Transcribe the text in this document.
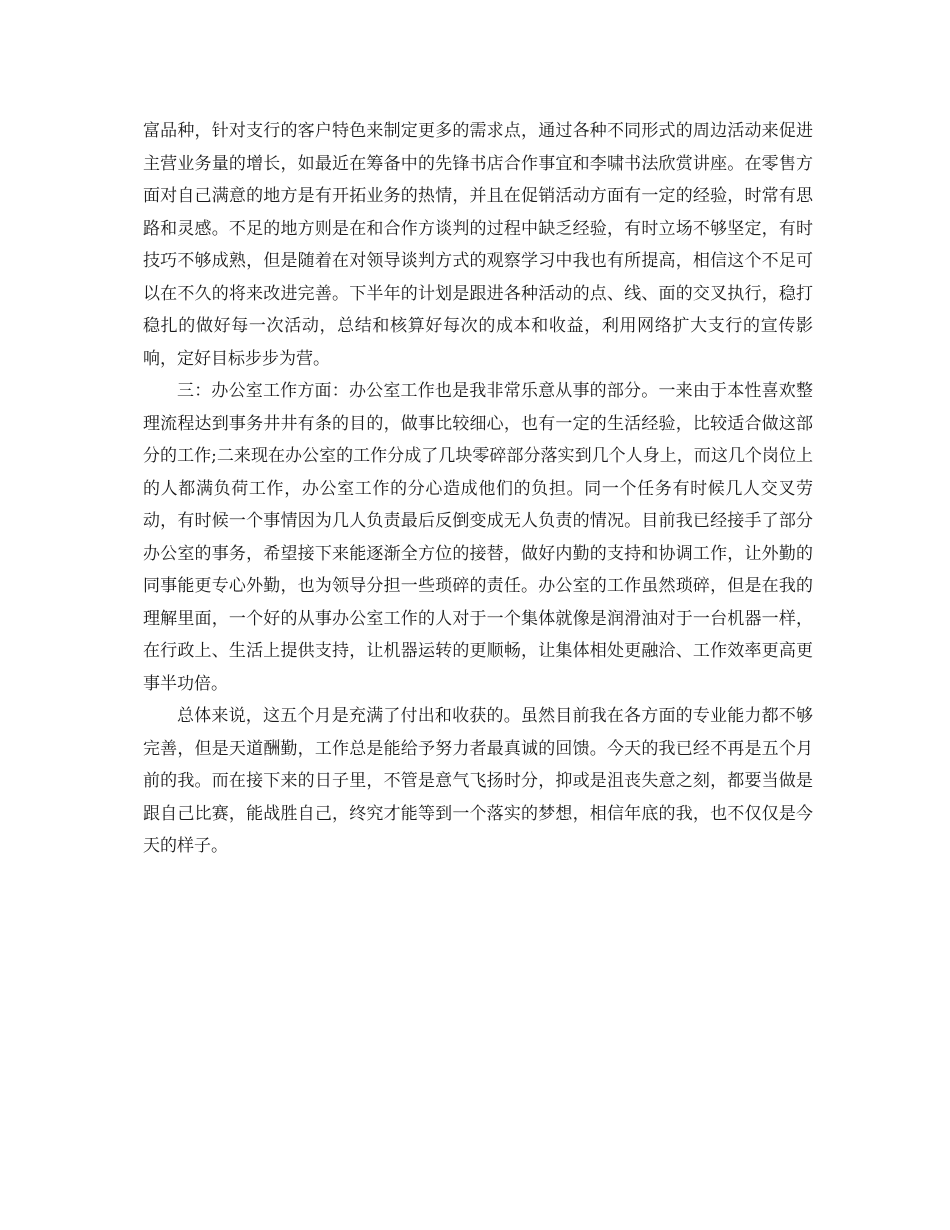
富品种，针对支行的客户特色来制定更多的需求点，通过各种不同形式的周边活动来促进主营业务量的增长，如最近在筹备中的先锋书店合作事宜和李啸书法欣赏讲座。在零售方面对自己满意的地方是有开拓业务的热情，并且在促销活动方面有一定的经验，时常有思路和灵感。不足的地方则是在和合作方谈判的过程中缺乏经验，有时立场不够坚定，有时技巧不够成熟，但是随着在对领导谈判方式的观察学习中我也有所提高，相信这个不足可以在不久的将来改进完善。下半年的计划是跟进各种活动的点、线、面的交叉执行，稳打稳扎的做好每一次活动，总结和核算好每次的成本和收益，利用网络扩大支行的宣传影响，定好目标步步为营。

三：办公室工作方面：办公室工作也是我非常乐意从事的部分。一来由于本性喜欢整理流程达到事务井井有条的目的，做事比较细心，也有一定的生活经验，比较适合做这部分的工作;二来现在办公室的工作分成了几块零碎部分落实到几个人身上，而这几个岗位上的人都满负荷工作，办公室工作的分心造成他们的负担。同一个任务有时候几人交叉劳动，有时候一个事情因为几人负责最后反倒变成无人负责的情况。目前我已经接手了部分办公室的事务，希望接下来能逐渐全方位的接替，做好内勤的支持和协调工作，让外勤的同事能更专心外勤，也为领导分担一些琐碎的责任。办公室的工作虽然琐碎，但是在我的理解里面，一个好的从事办公室工作的人对于一个集体就像是润滑油对于一台机器一样，在行政上、生活上提供支持，让机器运转的更顺畅，让集体相处更融洽、工作效率更高更事半功倍。

总体来说，这五个月是充满了付出和收获的。虽然目前我在各方面的专业能力都不够完善，但是天道酬勤，工作总是能给予努力者最真诚的回馈。今天的我已经不再是五个月前的我。而在接下来的日子里，不管是意气飞扬时分，抑或是沮丧失意之刻，都要当做是跟自己比赛，能战胜自己，终究才能等到一个落实的梦想，相信年底的我，也不仅仅是今天的样子。
